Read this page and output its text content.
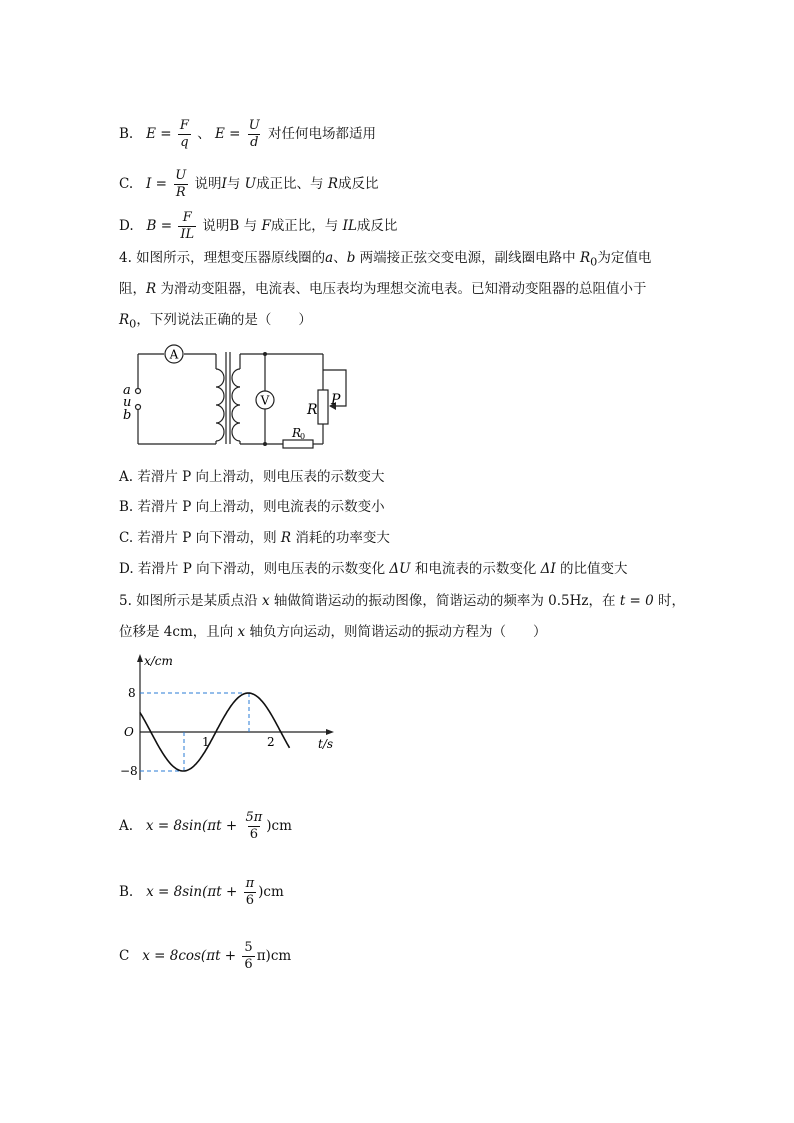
B. $E = \frac{F}{q}$ 、 $E = \frac{U}{d}$ 对任何电场都适用
C. $I = \frac{U}{R}$ 说明I与 U成正比、与 R成反比
D. $B = \frac{F}{IL}$ 说明B 与 F成正比，与 IL成反比
4. 如图所示，理想变压器原线圈的a、b 两端接正弦交变电源，副线圈电路中 $R_0$为定值电
阻，R 为滑动变阻器，电流表、电压表均为理想交流电表。已知滑动变阻器的总阻值小于
$R_0$，下列说法正确的是（　　）
A
V
a
u
b	R
P
R
0
A. 若滑片 P 向上滑动，则电压表的示数变大
B. 若滑片 P 向上滑动，则电流表的示数变小
C. 若滑片 P 向下滑动，则 R 消耗的功率变大
D. 若滑片 P 向下滑动，则电压表的示数变化 ΔU 和电流表的示数变化 ΔI 的比值变大
5. 如图所示是某质点沿 x 轴做简谐运动的振动图像，简谐运动的频率为 0.5Hz，在 t = 0 时，
位移是 4cm，且向 x 轴负方向运动，则简谐运动的振动方程为（　　）
x/cm
t/s
O
8
−8
1	2
A. $x = 8\sin(\pi t + \frac{5\pi}{6} )cm$
B. $x = 8\sin(\pi t + \frac{\pi}{6} )cm$
C $x = 8\cos(\pi t + \frac{5}{6} \pi)cm$
